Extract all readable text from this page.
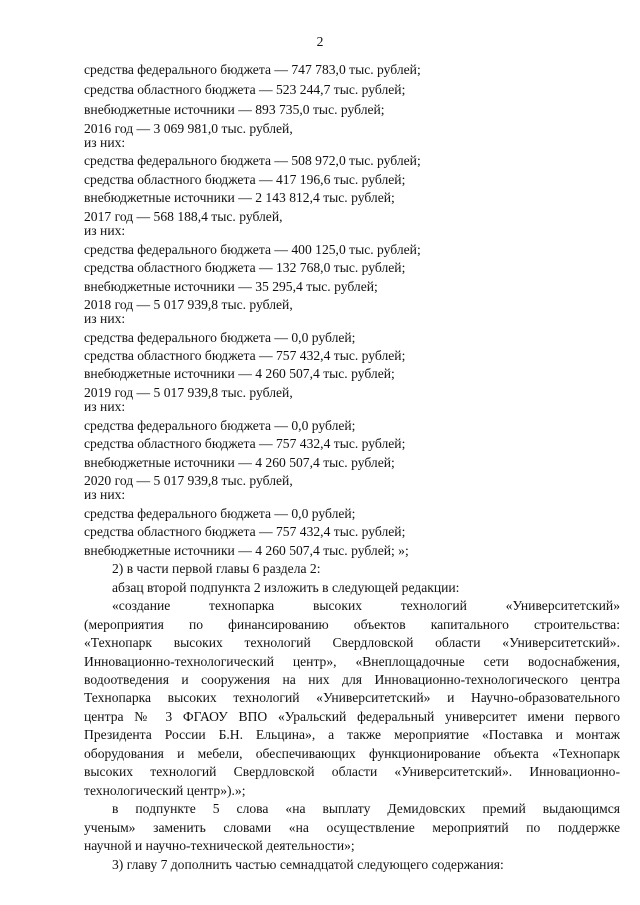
2
средства федерального бюджета — 747 783,0 тыс. рублей;
средства областного бюджета — 523 244,7 тыс. рублей;
внебюджетные источники — 893 735,0 тыс. рублей;
2016 год — 3 069 981,0 тыс. рублей,
из них:
средства федерального бюджета — 508 972,0 тыс. рублей;
средства областного бюджета — 417 196,6 тыс. рублей;
внебюджетные источники — 2 143 812,4 тыс. рублей;
2017 год — 568 188,4 тыс. рублей,
из них:
средства федерального бюджета — 400 125,0 тыс. рублей;
средства областного бюджета — 132 768,0 тыс. рублей;
внебюджетные источники — 35 295,4 тыс. рублей;
2018 год — 5 017 939,8 тыс. рублей,
из них:
средства федерального бюджета — 0,0 рублей;
средства областного бюджета — 757 432,4 тыс. рублей;
внебюджетные источники — 4 260 507,4 тыс. рублей;
2019 год — 5 017 939,8 тыс. рублей,
из них:
средства федерального бюджета — 0,0 рублей;
средства областного бюджета — 757 432,4 тыс. рублей;
внебюджетные источники — 4 260 507,4 тыс. рублей;
2020 год — 5 017 939,8 тыс. рублей,
из них:
средства федерального бюджета — 0,0 рублей;
средства областного бюджета — 757 432,4 тыс. рублей;
внебюджетные источники — 4 260 507,4 тыс. рублей; »;
2) в части первой главы 6 раздела 2:
абзац второй подпункта 2 изложить в следующей редакции:
«создание технопарка высоких технологий «Университетский»
(мероприятия по финансированию объектов капитального строительства:
«Технопарк высоких технологий Свердловской области «Университетский».
Инновационно-технологический центр», «Внеплощадочные сети водоснабжения,
водоотведения и сооружения на них для Инновационно-технологического центра
Технопарка высоких технологий «Университетский» и Научно-образовательного
центра № 3 ФГАОУ ВПО «Уральский федеральный университет имени первого
Президента России Б.Н. Ельцина», а также мероприятие «Поставка и монтаж
оборудования и мебели, обеспечивающих функционирование объекта «Технопарк
высоких технологий Свердловской области «Университетский». Инновационно-
технологический центр»).»;
в подпункте 5 слова «на выплату Демидовских премий выдающимся
ученым» заменить словами «на осуществление мероприятий по поддержке
научной и научно-технической деятельности»;
3) главу 7 дополнить частью семнадцатой следующего содержания:
